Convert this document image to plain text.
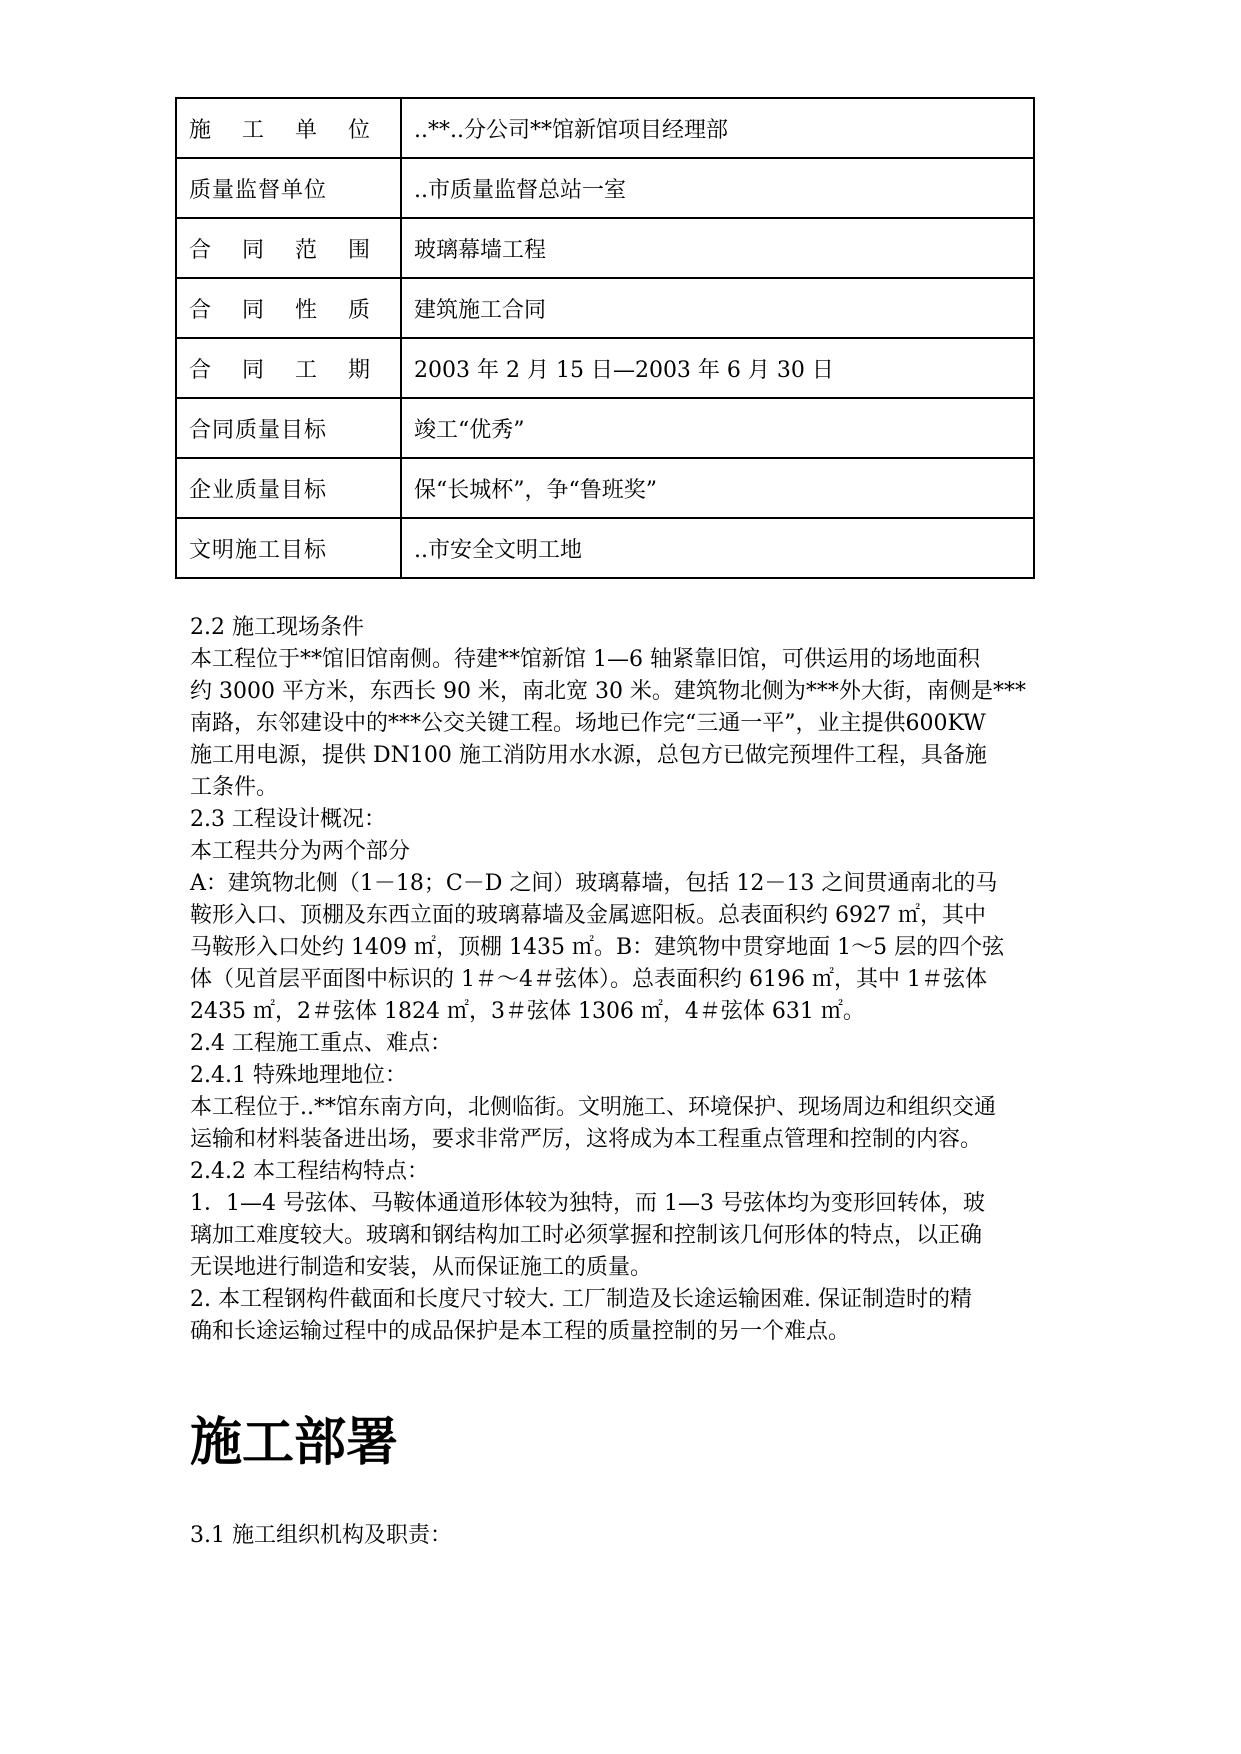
施 工 单 位	..**..分公司**馆新馆项目经理部
质量监督单位	..市质量监督总站一室
合 同 范 围	玻璃幕墙工程
合 同 性 质	建筑施工合同
合 同 工 期	2003 年 2 月 15 日—2003 年 6 月 30 日
合同质量目标	竣工“优秀”
企业质量目标	保“长城杯”，争“鲁班奖”
文明施工目标	..市安全文明工地

2.2 施工现场条件

本工程位于**馆旧馆南侧。待建**馆新馆 1—6 轴紧靠旧馆，可供运用的场地面积

约 3000 平方米，东西长 90 米，南北宽 30 米。建筑物北侧为***外大街，南侧是***

南路，东邻建设中的***公交关键工程。场地已作完“三通一平”，业主提供600KW

施工用电源，提供 DN100 施工消防用水水源，总包方已做完预埋件工程，具备施

工条件。

2.3 工程设计概况：

本工程共分为两个部分

A：建筑物北侧（1－18；C－D 之间）玻璃幕墙，包括 12－13 之间贯通南北的马

鞍形入口、顶棚及东西立面的玻璃幕墙及金属遮阳板。总表面积约 6927 ㎡，其中

马鞍形入口处约 1409 ㎡，顶棚 1435 ㎡。B：建筑物中贯穿地面 1～5 层的四个弦

体（见首层平面图中标识的 1＃～4＃弦体）。总表面积约 6196 ㎡，其中 1＃弦体

2435 ㎡，2＃弦体 1824 ㎡，3＃弦体 1306 ㎡，4＃弦体 631 ㎡。

2.4 工程施工重点、难点：

2.4.1 特殊地理地位：

本工程位于..**馆东南方向，北侧临街。文明施工、环境保护、现场周边和组织交通

运输和材料装备进出场，要求非常严厉，这将成为本工程重点管理和控制的内容。

2.4.2 本工程结构特点：

1．1—4 号弦体、马鞍体通道形体较为独特，而 1—3 号弦体均为变形回转体，玻

璃加工难度较大。玻璃和钢结构加工时必须掌握和控制该几何形体的特点，以正确

无误地进行制造和安装，从而保证施工的质量。

2. 本工程钢构件截面和长度尺寸较大. 工厂制造及长途运输困难. 保证制造时的精

确和长途运输过程中的成品保护是本工程的质量控制的另一个难点。

施工部署

3.1 施工组织机构及职责：
